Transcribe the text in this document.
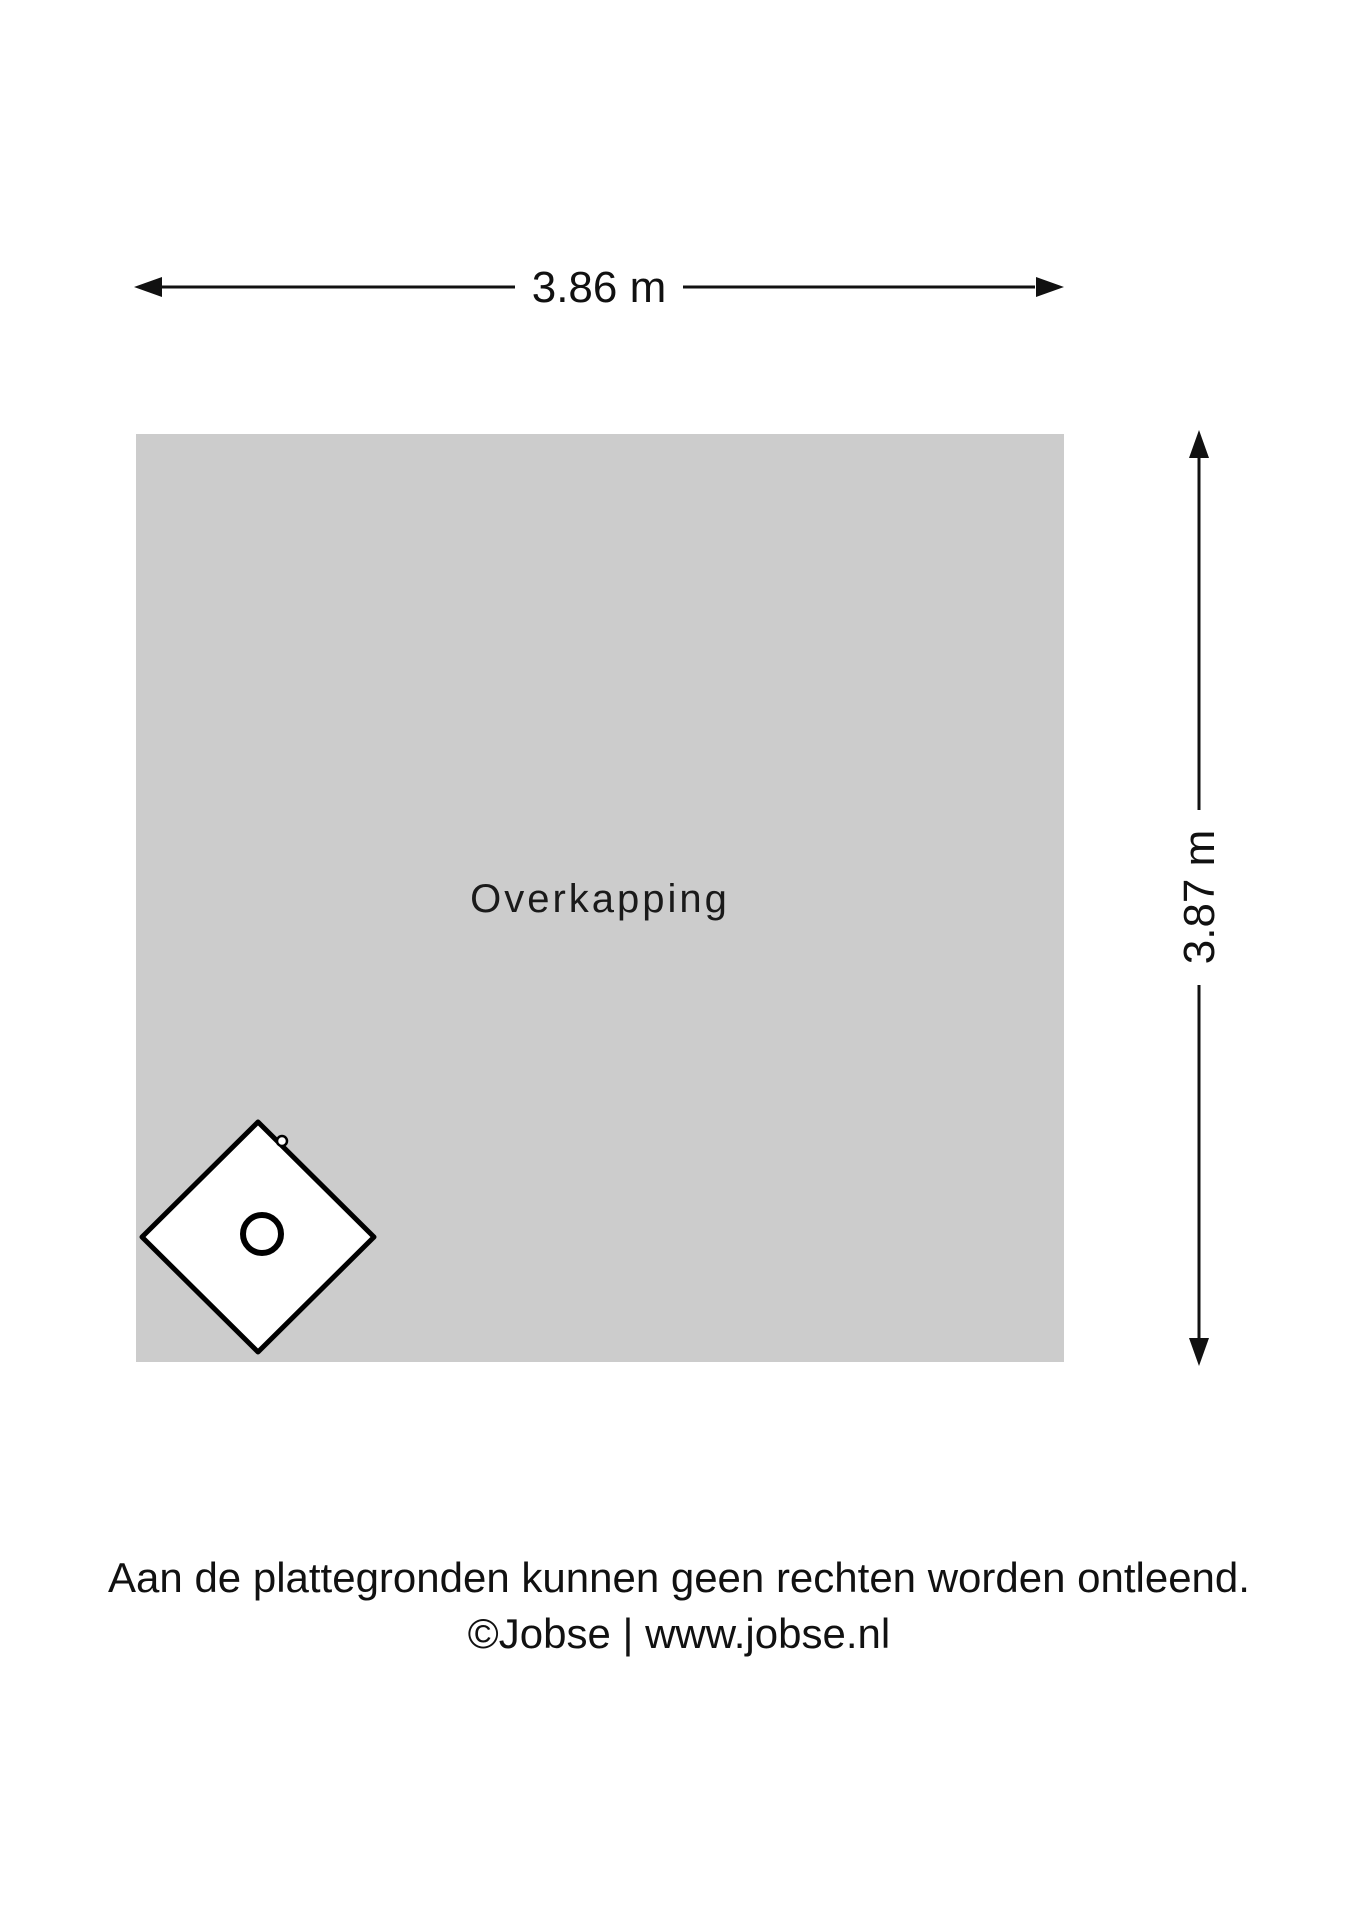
3.86 m
Overkapping	3.87 m
Aan de plattegronden kunnen geen rechten worden ontleend.
©Jobse | www.jobse.nl
